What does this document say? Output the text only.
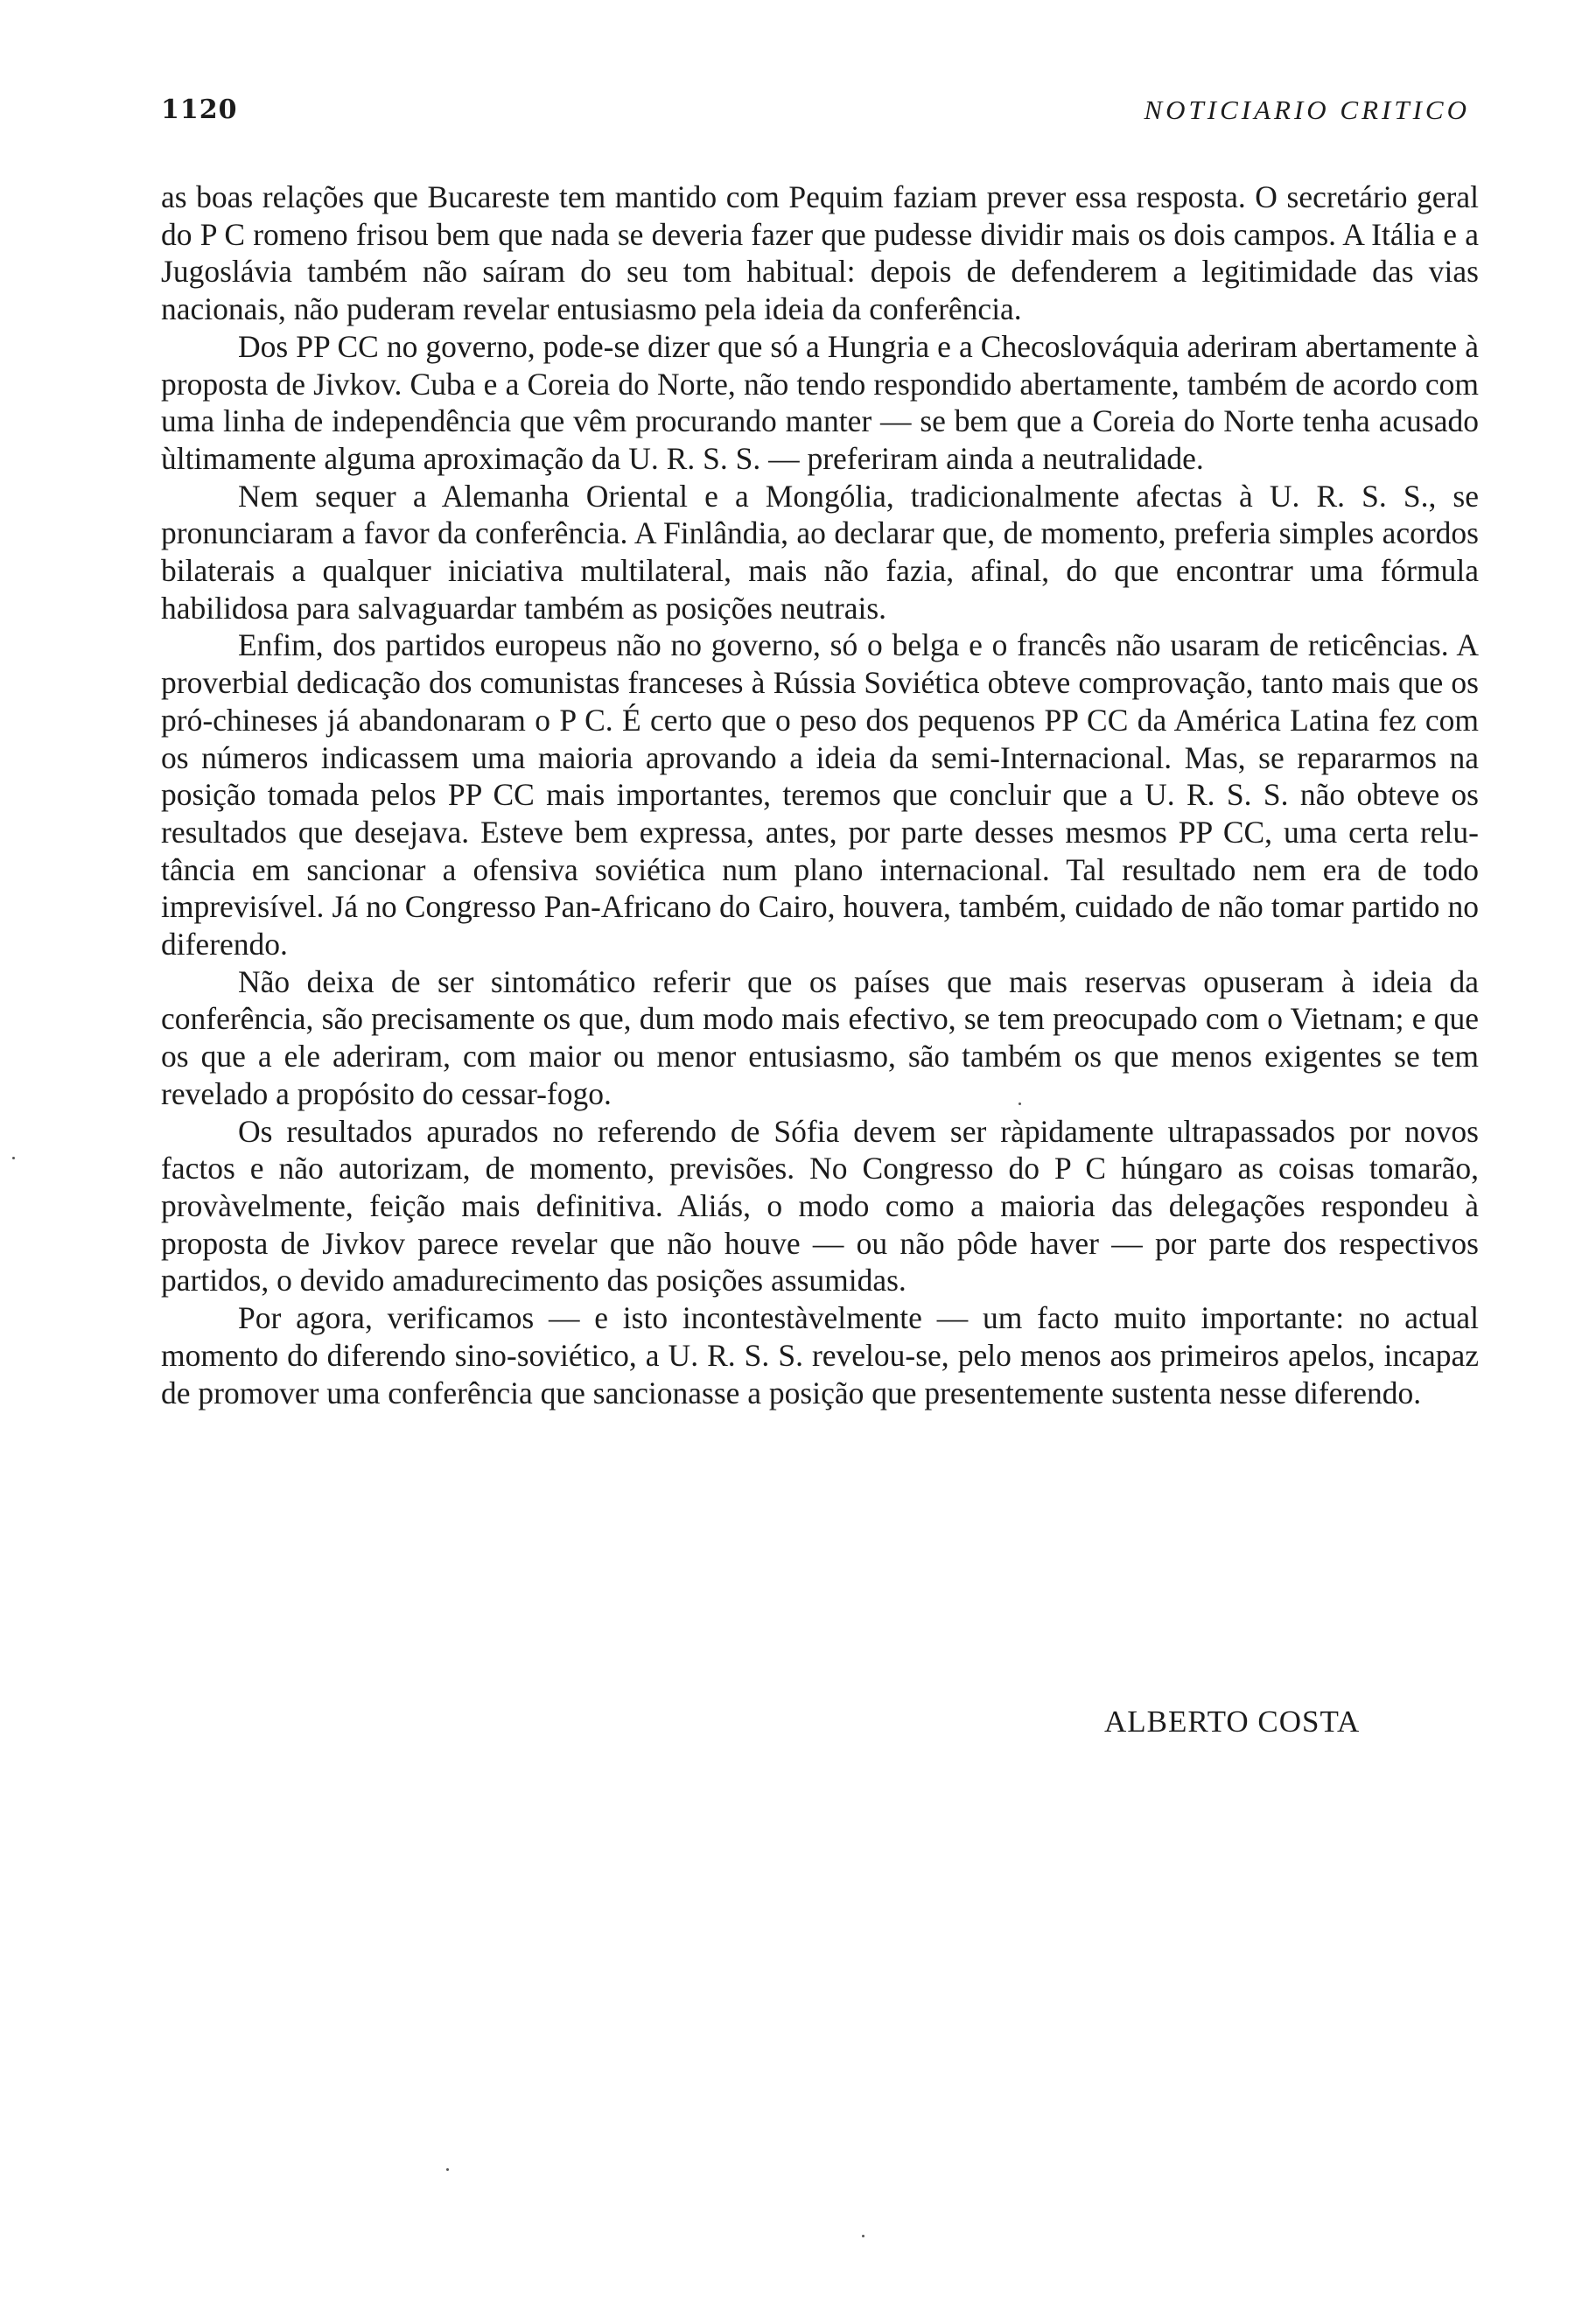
1120	NOTICIARIO CRITICO

as boas relações que Bucareste tem mantido com Pequim faziam prever essa resposta. O secretário geral do P C romeno frisou bem que nada se deveria fazer que pudesse dividir mais os dois campos. A Itália e a Jugoslávia também não saíram do seu tom habitual: depois de defenderem a legitimidade das vias nacionais, não puderam revelar entusiasmo pela ideia da conferência.

Dos PP CC no governo, pode-se dizer que só a Hungria e a Checoslováquia aderiram abertamente à proposta de Jivkov. Cuba e a Coreia do Norte, não tendo respondido abertamente, também de acordo com uma linha de independência que vêm procurando manter — se bem que a Coreia do Norte tenha acusado ùltimamente alguma aproximação da U. R. S. S. — preferiram ainda a neutralidade.

Nem sequer a Alemanha Oriental e a Mongólia, tradicionalmente afectas à U. R. S. S., se pronunciaram a favor da conferência. A Finlândia, ao declarar que, de momento, preferia simples acordos bilaterais a qualquer iniciativa multilateral, mais não fazia, afinal, do que encontrar uma fórmula habilidosa para salvaguardar também as posições neutrais.

Enfim, dos partidos europeus não no governo, só o belga e o francês não usaram de reticências. A proverbial dedicação dos comunistas franceses à Rússia Soviética obteve comprovação, tanto mais que os pró-chineses já abandonaram o P C. É certo que o peso dos pequenos PP CC da América Latina fez com os números indicassem uma maioria aprovando a ideia da semi-Internacional. Mas, se repararmos na posição tomada pelos PP CC mais importantes, teremos que concluir que a U. R. S. S. não obteve os resultados que desejava. Esteve bem expressa, antes, por parte desses mesmos PP CC, uma certa relutância em sancionar a ofensiva soviética num plano internacional. Tal resultado nem era de todo imprevisível. Já no Congresso Pan-Africano do Cairo, houvera, também, cuidado de não tomar partido no diferendo.

Não deixa de ser sintomático referir que os países que mais reservas opuseram à ideia da conferência, são precisamente os que, dum modo mais efectivo, se tem preocupado com o Vietnam; e que os que a ele aderiram, com maior ou menor entusiasmo, são também os que menos exigentes se tem revelado a propósito do cessar-fogo.

Os resultados apurados no referendo de Sófia devem ser ràpidamente ultrapassados por novos factos e não autorizam, de momento, previsões. No Congresso do P C húngaro as coisas tomarão, provàvelmente, feição mais definitiva. Aliás, o modo como a maioria das delegações respondeu à proposta de Jivkov parece revelar que não houve — ou não pôde haver — por parte dos respectivos partidos, o devido amadurecimento das posições assumidas.

Por agora, verificamos — e isto incontestàvelmente — um facto muito importante: no actual momento do diferendo sino-soviético, a U. R. S. S. revelou-se, pelo menos aos primeiros apelos, incapaz de promover uma conferência que sancionasse a posição que presentemente sustenta nesse diferendo.

ALBERTO COSTA
